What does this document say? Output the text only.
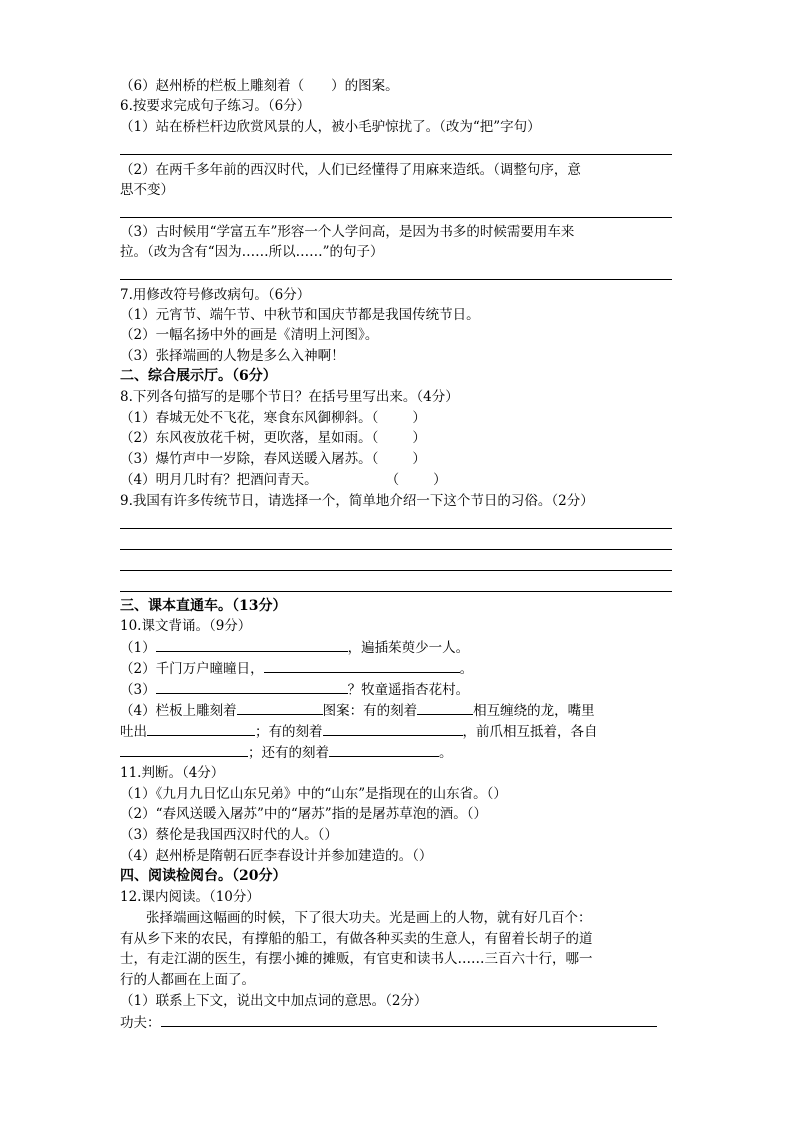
（6）赵州桥的栏板上雕刻着（　　）的图案。
6.按要求完成句子练习。（6分）
（1）站在桥栏杆边欣赏风景的人，被小毛驴惊扰了。（改为“把”字句）
（2）在两千多年前的西汉时代，人们已经懂得了用麻来造纸。（调整句序，意
思不变）
（3）古时候用“学富五车”形容一个人学问高，是因为书多的时候需要用车来
拉。（改为含有“因为……所以……”的句子）
7.用修改符号修改病句。（6分）
（1）元宵节、端午节、中秋节和国庆节都是我国传统节日。
（2）一幅名扬中外的画是《清明上河图》。
（3）张择端画的人物是多么入神啊！
二、综合展示厅。（6分）
8.下列各句描写的是哪个节日？在括号里写出来。（4分）
（1）春城无处不飞花，寒食东风御柳斜。（	）
（2）东风夜放花千树，更吹落，星如雨。（	）
（3）爆竹声中一岁除，春风送暖入屠苏。（	）
（4）明月几时有？把酒问青天。	（	）
9.我国有许多传统节日，请选择一个，简单地介绍一下这个节日的习俗。（2分）
三、课本直通车。（13分）
10.课文背诵。（9分）
（1）	，遍插茱萸少一人。
（2）千门万户曈曈日，	。
（3）	？牧童遥指杏花村。
（4）栏板上雕刻着	图案：有的刻着	相互缠绕的龙，嘴里
吐出	；有的刻着	，前爪相互抵着，各自
；还有的刻着	。
11.判断。（4分）
（1）《九月九日忆山东兄弟》中的“山东”是指现在的山东省。（）
（2）“春风送暖入屠苏”中的“屠苏”指的是屠苏草泡的酒。（）
（3）蔡伦是我国西汉时代的人。（）
（4）赵州桥是隋朝石匠李春设计并参加建造的。（）
四、阅读检阅台。（20分）
12.课内阅读。（10分）
张择端画这幅画的时候，下了很大功夫。光是画上的人物，就有好几百个：
有从乡下来的农民，有撑船的船工，有做各种买卖的生意人，有留着长胡子的道
士，有走江湖的医生，有摆小摊的摊贩，有官吏和读书人……三百六十行，哪一
行的人都画在上面了。
（1）联系上下文，说出文中加点词的意思。（2分）
功夫：
